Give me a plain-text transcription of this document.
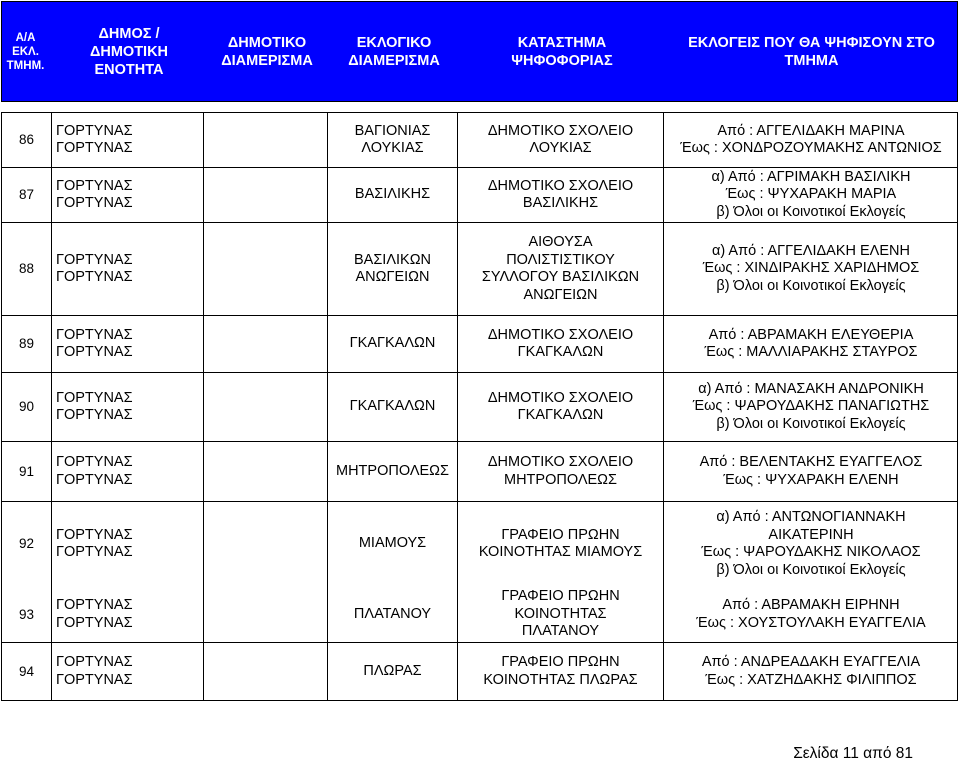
Α/Α
ΕΚΛ.
ΤΜΗΜ.
ΔΗΜΟΣ /
ΔΗΜΟΤΙΚΗ
ΕΝΟΤΗΤΑ
ΔΗΜΟΤΙΚΟ
ΔΙΑΜΕΡΙΣΜΑ
ΕΚΛΟΓΙΚΟ
ΔΙΑΜΕΡΙΣΜΑ
ΚΑΤΑΣΤΗΜΑ
ΨΗΦΟΦΟΡΙΑΣ
ΕΚΛΟΓΕΙΣ ΠΟΥ ΘΑ ΨΗΦΙΣΟΥΝ ΣΤΟ
ΤΜΗΜΑ
86
ΓΟΡΤΥΝΑΣ
ΓΟΡΤΥΝΑΣ
ΒΑΓΙΟΝΙΑΣ
ΛΟΥΚΙΑΣ
ΔΗΜΟΤΙΚΟ ΣΧΟΛΕΙΟ
ΛΟΥΚΙΑΣ
Από : ΑΓΓΕΛΙΔΑΚΗ ΜΑΡΙΝΑ
Έως : ΧΟΝΔΡΟΖΟΥΜΑΚΗΣ ΑΝΤΩΝΙΟΣ
87
ΓΟΡΤΥΝΑΣ
ΓΟΡΤΥΝΑΣ
ΒΑΣΙΛΙΚΗΣ
ΔΗΜΟΤΙΚΟ ΣΧΟΛΕΙΟ
ΒΑΣΙΛΙΚΗΣ
α) Από : ΑΓΡΙΜΑΚΗ ΒΑΣΙΛΙΚΗ
Έως : ΨΥΧΑΡΑΚΗ ΜΑΡΙΑ
β) Όλοι οι Κοινοτικοί Εκλογείς
88
ΓΟΡΤΥΝΑΣ
ΓΟΡΤΥΝΑΣ
ΒΑΣΙΛΙΚΩΝ
ΑΝΩΓΕΙΩΝ
ΑΙΘΟΥΣΑ
ΠΟΛΙΣΤΙΣΤΙΚΟΥ
ΣΥΛΛΟΓΟΥ ΒΑΣΙΛΙΚΩΝ
ΑΝΩΓΕΙΩΝ
α) Από : ΑΓΓΕΛΙΔΑΚΗ ΕΛΕΝΗ
Έως : ΧΙΝΔΙΡΑΚΗΣ ΧΑΡΙΔΗΜΟΣ
β) Όλοι οι Κοινοτικοί Εκλογείς
89
ΓΟΡΤΥΝΑΣ
ΓΟΡΤΥΝΑΣ
ΓΚΑΓΚΑΛΩΝ
ΔΗΜΟΤΙΚΟ ΣΧΟΛΕΙΟ
ΓΚΑΓΚΑΛΩΝ
Από : ΑΒΡΑΜΑΚΗ ΕΛΕΥΘΕΡΙΑ
Έως : ΜΑΛΛΙΑΡΑΚΗΣ ΣΤΑΥΡΟΣ
90
ΓΟΡΤΥΝΑΣ
ΓΟΡΤΥΝΑΣ
ΓΚΑΓΚΑΛΩΝ
ΔΗΜΟΤΙΚΟ ΣΧΟΛΕΙΟ
ΓΚΑΓΚΑΛΩΝ
α) Από : ΜΑΝΑΣΑΚΗ ΑΝΔΡΟΝΙΚΗ
Έως : ΨΑΡΟΥΔΑΚΗΣ ΠΑΝΑΓΙΩΤΗΣ
β) Όλοι οι Κοινοτικοί Εκλογείς
91
ΓΟΡΤΥΝΑΣ
ΓΟΡΤΥΝΑΣ
ΜΗΤΡΟΠΟΛΕΩΣ
ΔΗΜΟΤΙΚΟ ΣΧΟΛΕΙΟ
ΜΗΤΡΟΠΟΛΕΩΣ
Από : ΒΕΛΕΝΤΑΚΗΣ ΕΥΑΓΓΕΛΟΣ
Έως : ΨΥΧΑΡΑΚΗ ΕΛΕΝΗ
92
ΓΟΡΤΥΝΑΣ
ΓΟΡΤΥΝΑΣ
ΜΙΑΜΟΥΣ
ΓΡΑΦΕΙΟ ΠΡΩΗΝ
ΚΟΙΝΟΤΗΤΑΣ ΜΙΑΜΟΥΣ
α) Από : ΑΝΤΩΝΟΓΙΑΝΝΑΚΗ
ΑΙΚΑΤΕΡΙΝΗ
Έως : ΨΑΡΟΥΔΑΚΗΣ ΝΙΚΟΛΑΟΣ
β) Όλοι οι Κοινοτικοί Εκλογείς
93
ΓΟΡΤΥΝΑΣ
ΓΟΡΤΥΝΑΣ
ΠΛΑΤΑΝΟΥ
ΓΡΑΦΕΙΟ ΠΡΩΗΝ
ΚΟΙΝΟΤΗΤΑΣ
ΠΛΑΤΑΝΟΥ
Από : ΑΒΡΑΜΑΚΗ ΕΙΡΗΝΗ
Έως : ΧΟΥΣΤΟΥΛΑΚΗ ΕΥΑΓΓΕΛΙΑ
94
ΓΟΡΤΥΝΑΣ
ΓΟΡΤΥΝΑΣ
ΠΛΩΡΑΣ
ΓΡΑΦΕΙΟ ΠΡΩΗΝ
ΚΟΙΝΟΤΗΤΑΣ ΠΛΩΡΑΣ
Από : ΑΝΔΡΕΑΔΑΚΗ ΕΥΑΓΓΕΛΙΑ
Έως : ΧΑΤΖΗΔΑΚΗΣ ΦΙΛΙΠΠΟΣ
Σελίδα 11 από 81
